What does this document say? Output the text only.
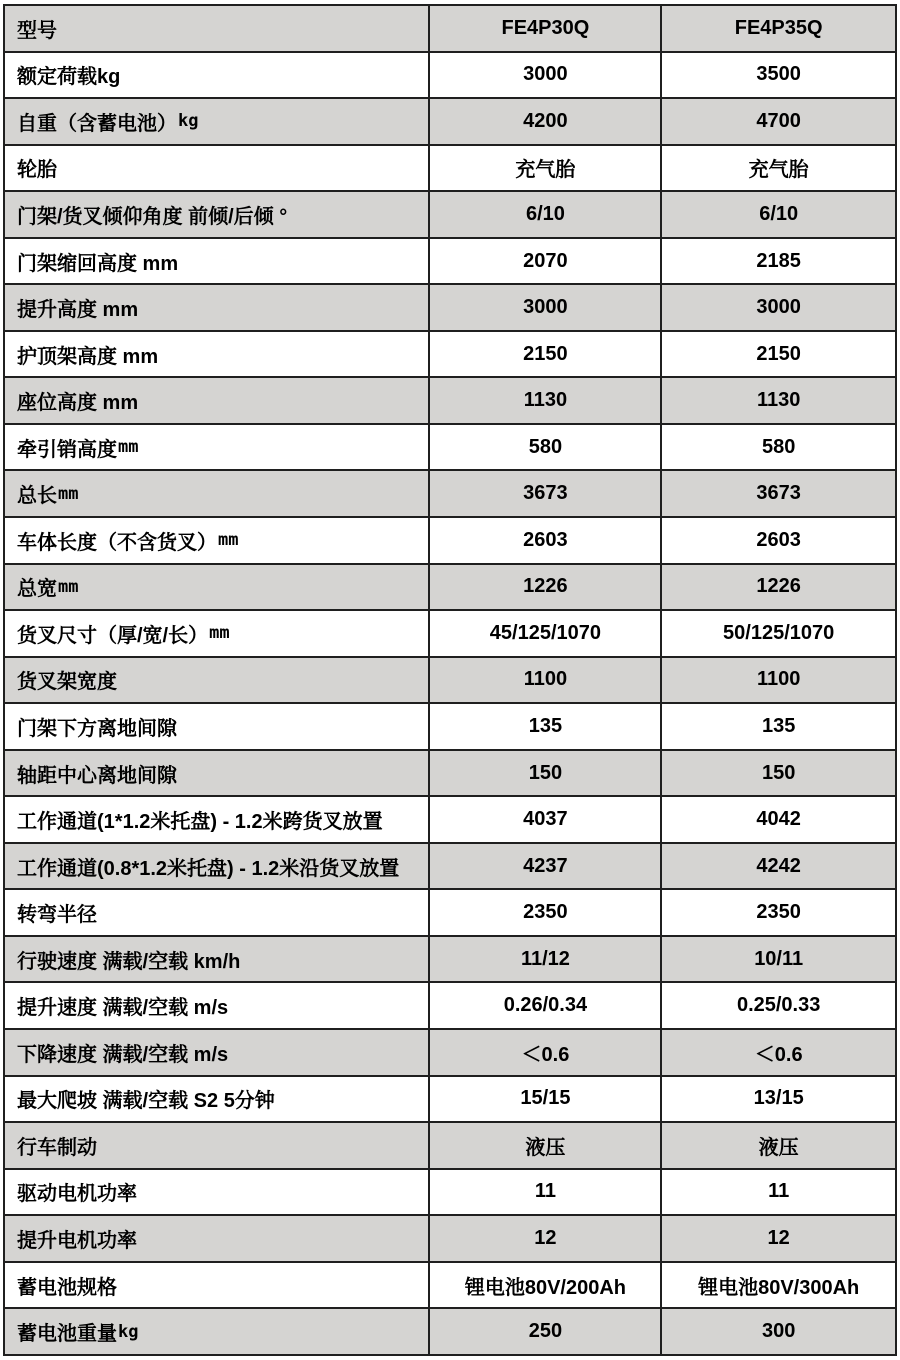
型号	FE4P30Q	FE4P35Q
额定荷载kg	3000	3500
自重（含蓄电池） kg	4200	4700
轮胎	充气胎	充气胎
门架/货叉倾仰角度 前倾/后倾 °	6/10	6/10
门架缩回高度 mm	2070	2185
提升高度 mm	3000	3000
护顶架高度 mm	2150	2150
座位高度 mm	1130	1130
牵引销高度 mm	580	580
总长 mm	3673	3673
车体长度（不含货叉） mm	2603	2603
总宽 mm	1226	1226
货叉尺寸（厚/宽/长） mm	45/125/1070	50/125/1070
货叉架宽度	1100	1100
门架下方离地间隙	135	135
轴距中心离地间隙	150	150
工作通道(1*1.2米托盘) - 1.2米跨货叉放置	4037	4042
工作通道(0.8*1.2米托盘) - 1.2米沿货叉放置	4237	4242
转弯半径	2350	2350
行驶速度 满载/空载 km/h	11/12	10/11
提升速度 满载/空载 m/s	0.26/0.34	0.25/0.33
下降速度 满载/空载 m/s	＜0.6	＜0.6
最大爬坡 满载/空载 S2 5分钟	15/15	13/15
行车制动	液压	液压
驱动电机功率	11	11
提升电机功率	12	12
蓄电池规格	锂电池80V/200Ah	锂电池80V/300Ah
蓄电池重量 kg	250	300
